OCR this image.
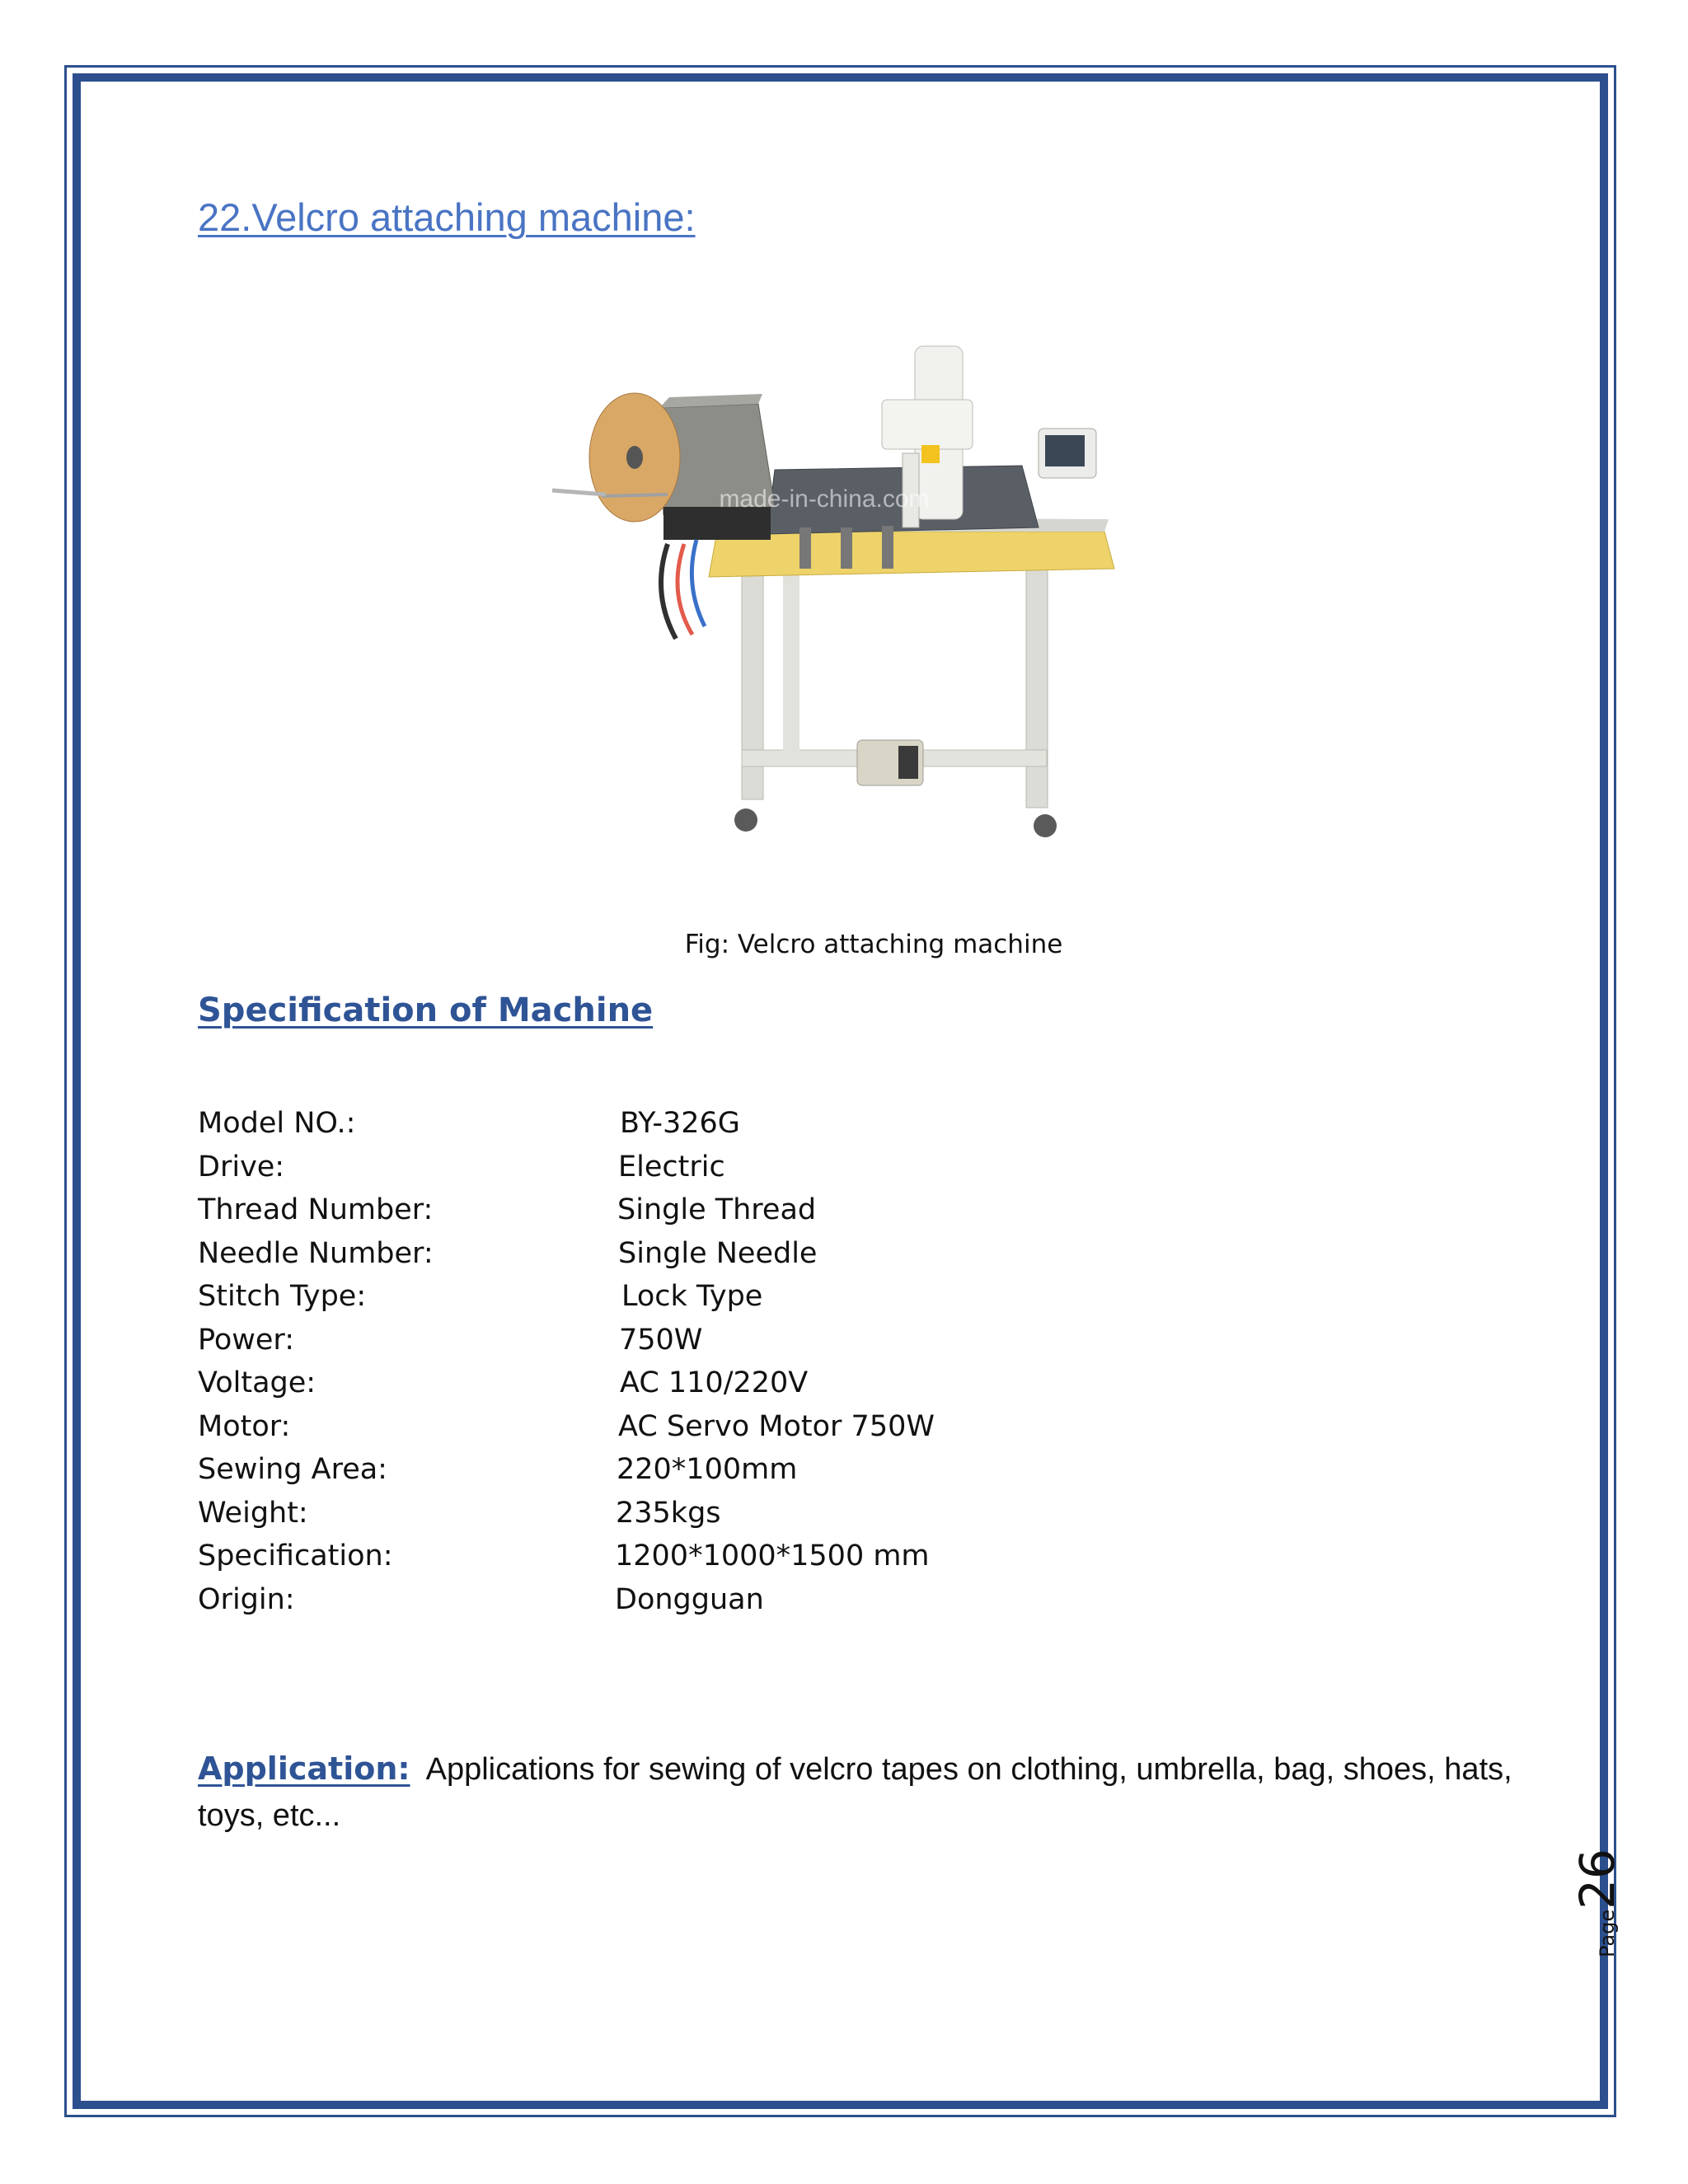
22.Velcro attaching machine:
made-in-china.com
Fig: Velcro attaching machine
Specification of Machine
Model NO.:	BY-326G
Drive:	Electric
Thread Number:	Single Thread
Needle Number:	Single Needle
Stitch Type:	Lock Type
Power:	750W
Voltage:	AC 110/220V
Motor:	AC Servo Motor 750W
Sewing Area:	220*100mm
Weight:	235kgs
Specification:	1200*1000*1500 mm
Origin:	Dongguan
Application: Applications for sewing of velcro tapes on clothing, umbrella, bag, shoes, hats, toys, etc...
Page26
